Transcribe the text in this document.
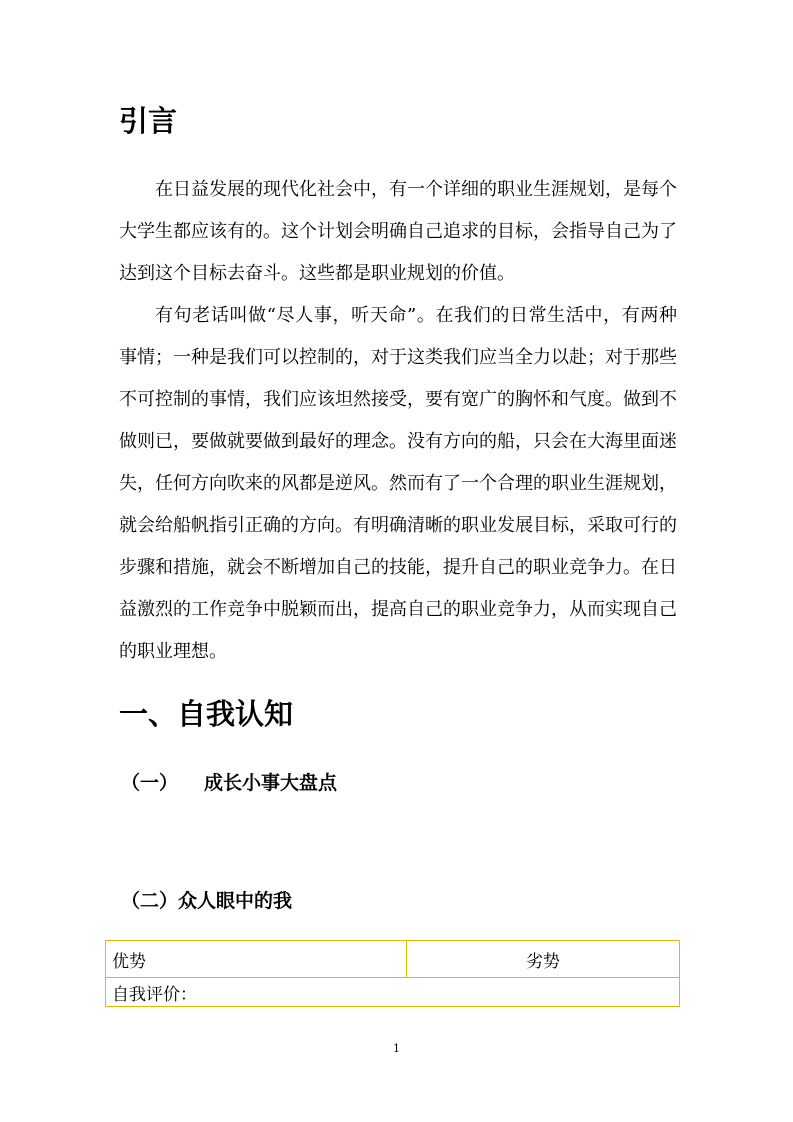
引言

在日益发展的现代化社会中，有一个详细的职业生涯规划，是每个大学生都应该有的。这个计划会明确自己追求的目标，会指导自己为了达到这个目标去奋斗。这些都是职业规划的价值。

有句老话叫做“尽人事，听天命”。在我们的日常生活中，有两种事情；一种是我们可以控制的，对于这类我们应当全力以赴；对于那些不可控制的事情，我们应该坦然接受，要有宽广的胸怀和气度。做到不做则已，要做就要做到最好的理念。没有方向的船，只会在大海里面迷失，任何方向吹来的风都是逆风。然而有了一个合理的职业生涯规划，就会给船帆指引正确的方向。有明确清晰的职业发展目标，采取可行的步骤和措施，就会不断增加自己的技能，提升自己的职业竞争力。在日益激烈的工作竞争中脱颖而出，提高自己的职业竞争力，从而实现自己的职业理想。

一、自我认知
（一） 成长小事大盘点
（二）众人眼中的我
优势	劣势
自我评价：
1
